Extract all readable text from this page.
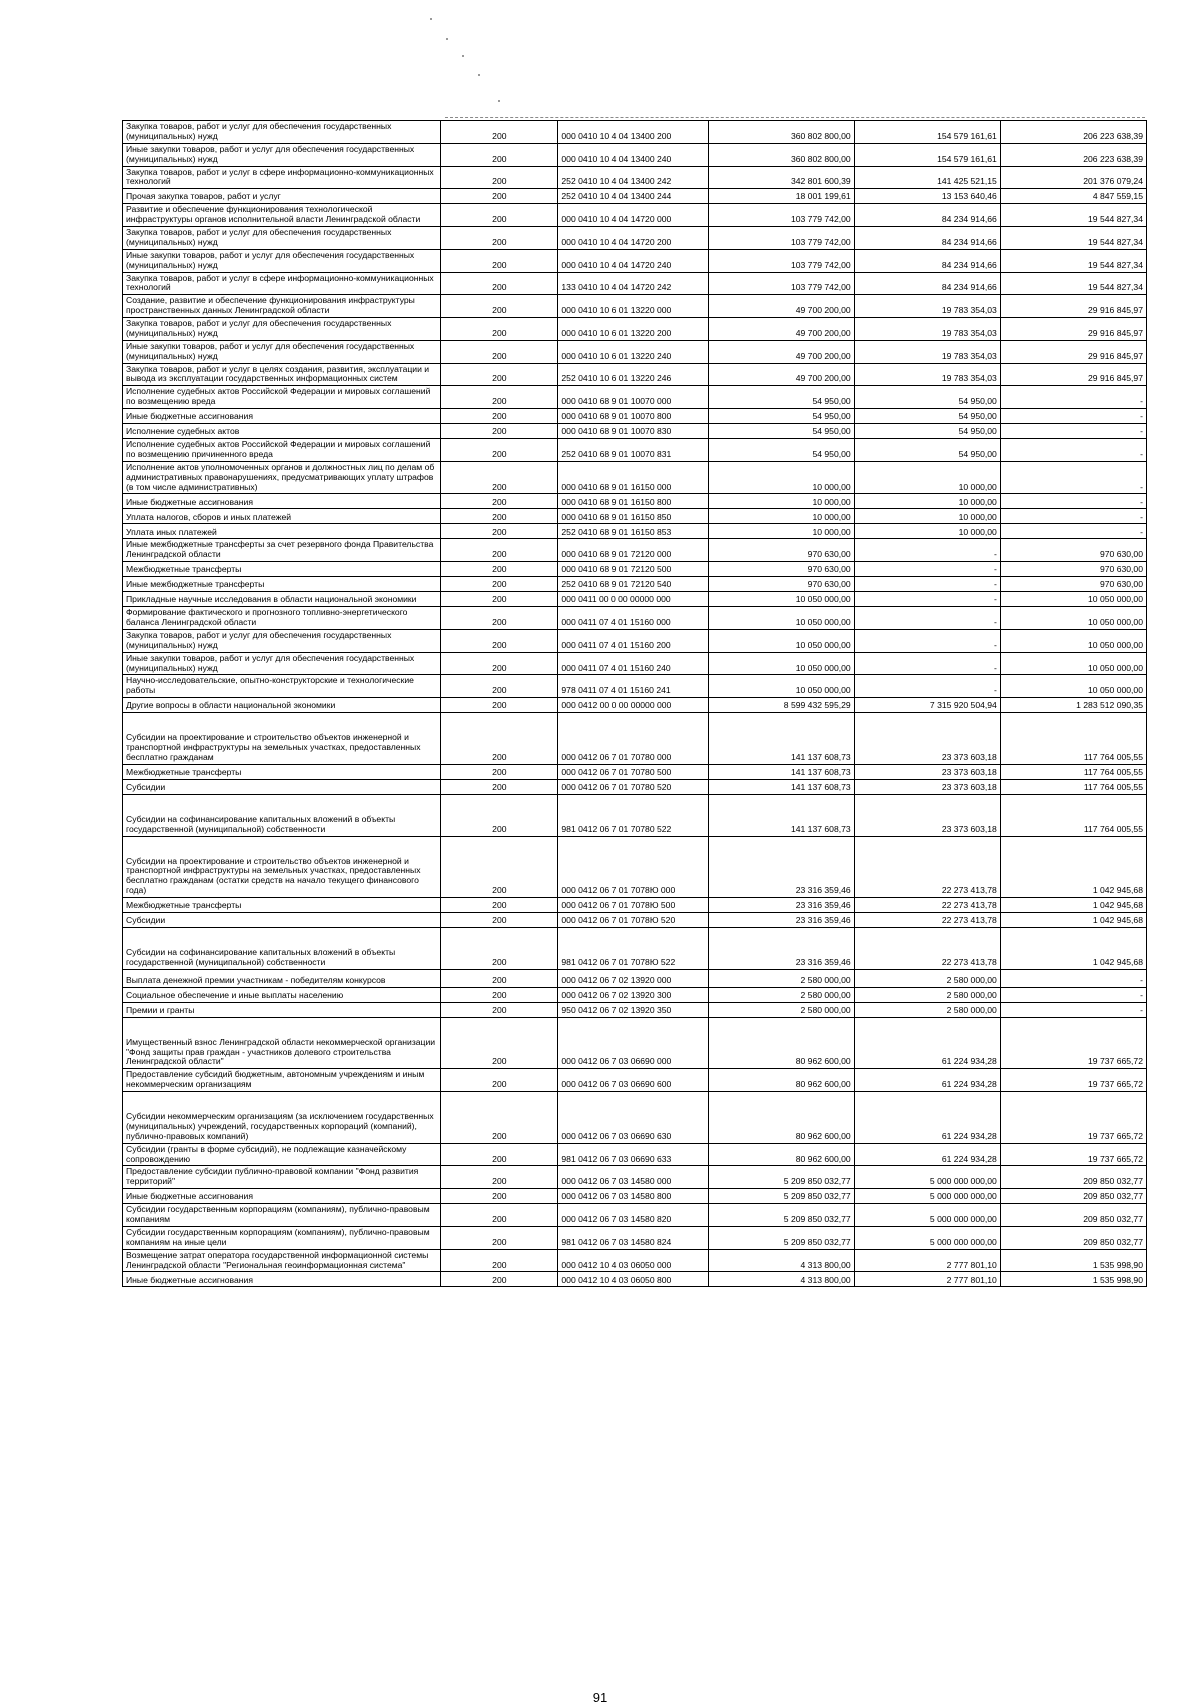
Закупка товаров, работ и услуг для обеспечения государственных (муниципальных) нужд	200	000 0410 10 4 04 13400 200	360 802 800,00	154 579 161,61	206 223 638,39
Иные закупки товаров, работ и услуг для обеспечения государственных (муниципальных) нужд	200	000 0410 10 4 04 13400 240	360 802 800,00	154 579 161,61	206 223 638,39
Закупка товаров, работ и услуг в сфере информационно-коммуникационных технологий	200	252 0410 10 4 04 13400 242	342 801 600,39	141 425 521,15	201 376 079,24
Прочая закупка товаров, работ и услуг	200	252 0410 10 4 04 13400 244	18 001 199,61	13 153 640,46	4 847 559,15
Развитие и обеспечение функционирования технологической инфраструктуры органов исполнительной власти Ленинградской области	200	000 0410 10 4 04 14720 000	103 779 742,00	84 234 914,66	19 544 827,34
Закупка товаров, работ и услуг для обеспечения государственных (муниципальных) нужд	200	000 0410 10 4 04 14720 200	103 779 742,00	84 234 914,66	19 544 827,34
Иные закупки товаров, работ и услуг для обеспечения государственных (муниципальных) нужд	200	000 0410 10 4 04 14720 240	103 779 742,00	84 234 914,66	19 544 827,34
Закупка товаров, работ и услуг в сфере информационно-коммуникационных технологий	200	133 0410 10 4 04 14720 242	103 779 742,00	84 234 914,66	19 544 827,34
Создание, развитие и обеспечение функционирования инфраструктуры пространственных данных Ленинградской области	200	000 0410 10 6 01 13220 000	49 700 200,00	19 783 354,03	29 916 845,97
Закупка товаров, работ и услуг для обеспечения государственных (муниципальных) нужд	200	000 0410 10 6 01 13220 200	49 700 200,00	19 783 354,03	29 916 845,97
Иные закупки товаров, работ и услуг для обеспечения государственных (муниципальных) нужд	200	000 0410 10 6 01 13220 240	49 700 200,00	19 783 354,03	29 916 845,97
Закупка товаров, работ и услуг в целях создания, развития, эксплуатации и вывода из эксплуатации государственных информационных систем	200	252 0410 10 6 01 13220 246	49 700 200,00	19 783 354,03	29 916 845,97
Исполнение судебных актов Российской Федерации и мировых соглашений по возмещению вреда	200	000 0410 68 9 01 10070 000	54 950,00	54 950,00	-
Иные бюджетные ассигнования	200	000 0410 68 9 01 10070 800	54 950,00	54 950,00	-
Исполнение судебных актов	200	000 0410 68 9 01 10070 830	54 950,00	54 950,00	-
Исполнение судебных актов Российской Федерации и мировых соглашений по возмещению причиненного вреда	200	252 0410 68 9 01 10070 831	54 950,00	54 950,00	-
Исполнение актов уполномоченных органов и должностных лиц по делам об административных правонарушениях, предусматривающих уплату штрафов (в том числе административных)	200	000 0410 68 9 01 16150 000	10 000,00	10 000,00	-
Иные бюджетные ассигнования	200	000 0410 68 9 01 16150 800	10 000,00	10 000,00	-
Уплата налогов, сборов и иных платежей	200	000 0410 68 9 01 16150 850	10 000,00	10 000,00	-
Уплата иных платежей	200	252 0410 68 9 01 16150 853	10 000,00	10 000,00	-
Иные межбюджетные трансферты за счет резервного фонда Правительства Ленинградской области	200	000 0410 68 9 01 72120 000	970 630,00	-	970 630,00
Межбюджетные трансферты	200	000 0410 68 9 01 72120 500	970 630,00	-	970 630,00
Иные межбюджетные трансферты	200	252 0410 68 9 01 72120 540	970 630,00	-	970 630,00
Прикладные научные исследования в области национальной экономики	200	000 0411 00 0 00 00000 000	10 050 000,00	-	10 050 000,00
Формирование фактического и прогнозного топливно-энергетического баланса Ленинградской области	200	000 0411 07 4 01 15160 000	10 050 000,00	-	10 050 000,00
Закупка товаров, работ и услуг для обеспечения государственных (муниципальных) нужд	200	000 0411 07 4 01 15160 200	10 050 000,00	-	10 050 000,00
Иные закупки товаров, работ и услуг для обеспечения государственных (муниципальных) нужд	200	000 0411 07 4 01 15160 240	10 050 000,00	-	10 050 000,00
Научно-исследовательские, опытно-конструкторские и технологические работы	200	978 0411 07 4 01 15160 241	10 050 000,00	-	10 050 000,00
Другие вопросы в области национальной экономики	200	000 0412 00 0 00 00000 000	8 599 432 595,29	7 315 920 504,94	1 283 512 090,35
Субсидии на проектирование и строительство объектов инженерной и транспортной инфраструктуры на земельных участках, предоставленных бесплатно гражданам	200	000 0412 06 7 01 70780 000	141 137 608,73	23 373 603,18	117 764 005,55
Межбюджетные трансферты	200	000 0412 06 7 01 70780 500	141 137 608,73	23 373 603,18	117 764 005,55
Субсидии	200	000 0412 06 7 01 70780 520	141 137 608,73	23 373 603,18	117 764 005,55
Субсидии на софинансирование капитальных вложений в объекты государственной (муниципальной) собственности	200	981 0412 06 7 01 70780 522	141 137 608,73	23 373 603,18	117 764 005,55
Субсидии на проектирование и строительство объектов инженерной и транспортной инфраструктуры на земельных участках, предоставленных бесплатно гражданам (остатки средств на начало текущего финансового года)	200	000 0412 06 7 01 7078Ю 000	23 316 359,46	22 273 413,78	1 042 945,68
Межбюджетные трансферты	200	000 0412 06 7 01 7078Ю 500	23 316 359,46	22 273 413,78	1 042 945,68
Субсидии	200	000 0412 06 7 01 7078Ю 520	23 316 359,46	22 273 413,78	1 042 945,68
Субсидии на софинансирование капитальных вложений в объекты государственной (муниципальной) собственности	200	981 0412 06 7 01 7078Ю 522	23 316 359,46	22 273 413,78	1 042 945,68
Выплата денежной премии участникам - победителям конкурсов	200	000 0412 06 7 02 13920 000	2 580 000,00	2 580 000,00	-
Социальное обеспечение и иные выплаты населению	200	000 0412 06 7 02 13920 300	2 580 000,00	2 580 000,00	-
Премии и гранты	200	950 0412 06 7 02 13920 350	2 580 000,00	2 580 000,00	-
Имущественный взнос Ленинградской области некоммерческой организации "Фонд защиты прав граждан - участников долевого строительства Ленинградской области"	200	000 0412 06 7 03 06690 000	80 962 600,00	61 224 934,28	19 737 665,72
Предоставление субсидий бюджетным, автономным учреждениям и иным некоммерческим организациям	200	000 0412 06 7 03 06690 600	80 962 600,00	61 224 934,28	19 737 665,72
Субсидии некоммерческим организациям (за исключением государственных (муниципальных) учреждений, государственных корпораций (компаний), публично-правовых компаний)	200	000 0412 06 7 03 06690 630	80 962 600,00	61 224 934,28	19 737 665,72
Субсидии (гранты в форме субсидий), не подлежащие казначейскому сопровождению	200	981 0412 06 7 03 06690 633	80 962 600,00	61 224 934,28	19 737 665,72
Предоставление субсидии публично-правовой компании "Фонд развития территорий"	200	000 0412 06 7 03 14580 000	5 209 850 032,77	5 000 000 000,00	209 850 032,77
Иные бюджетные ассигнования	200	000 0412 06 7 03 14580 800	5 209 850 032,77	5 000 000 000,00	209 850 032,77
Субсидии государственным корпорациям (компаниям), публично-правовым компаниям	200	000 0412 06 7 03 14580 820	5 209 850 032,77	5 000 000 000,00	209 850 032,77
Субсидии государственным корпорациям (компаниям), публично-правовым компаниям на иные цели	200	981 0412 06 7 03 14580 824	5 209 850 032,77	5 000 000 000,00	209 850 032,77
Возмещение затрат оператора государственной информационной системы Ленинградской области "Региональная геоинформационная система"	200	000 0412 10 4 03 06050 000	4 313 800,00	2 777 801,10	1 535 998,90
Иные бюджетные ассигнования	200	000 0412 10 4 03 06050 800	4 313 800,00	2 777 801,10	1 535 998,90
91
